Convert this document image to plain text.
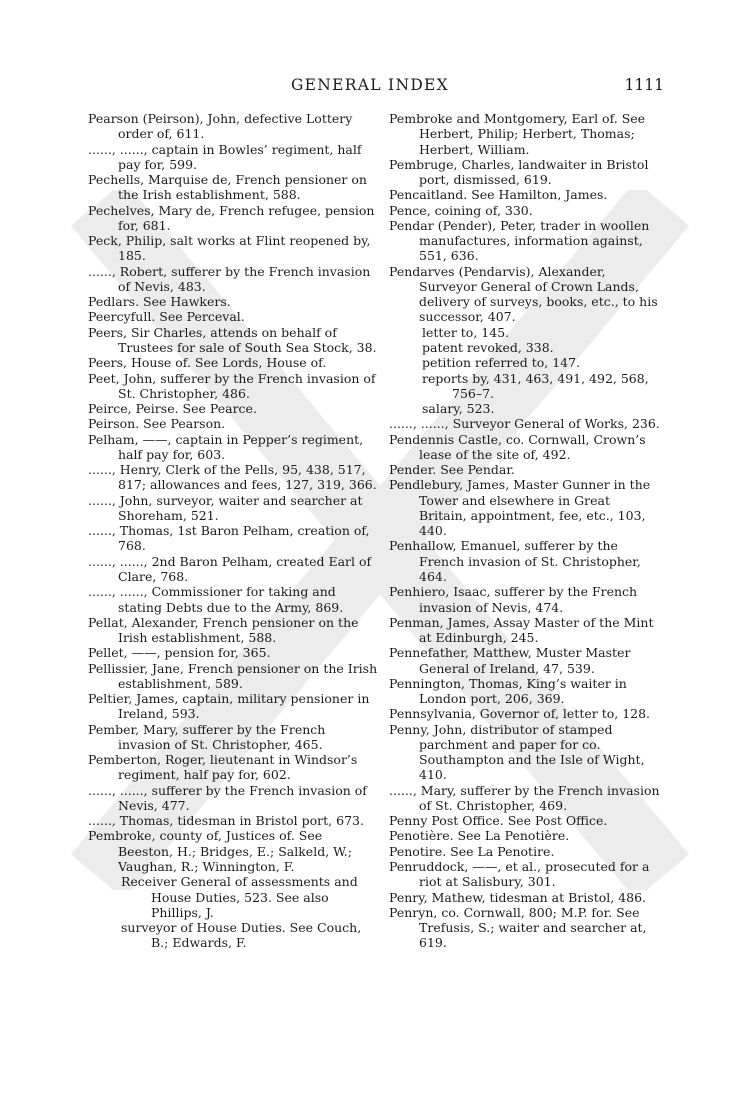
GENERAL INDEX	1111

Pearson (Peirson), John, defective Lottery order of, 611.

......, ......, captain in Bowles’ regiment, half pay for, 599.

Pechells, Marquise de, French pensioner on the Irish establishment, 588.

Pechelves, Mary de, French refugee, pension for, 681.

Peck, Philip, salt works at Flint reopened by, 185.

......, Robert, sufferer by the French invasion of Nevis, 483.

Pedlars. See Hawkers.

Peercyfull. See Perceval.

Peers, Sir Charles, attends on behalf of Trustees for sale of South Sea Stock, 38.

Peers, House of. See Lords, House of.

Peet, John, sufferer by the French invasion of St. Christopher, 486.

Peirce, Peirse. See Pearce.

Peirson. See Pearson.

Pelham, ——, captain in Pepper’s regiment, half pay for, 603.

......, Henry, Clerk of the Pells, 95, 438, 517, 817; allowances and fees, 127, 319, 366.

......, John, surveyor, waiter and searcher at Shoreham, 521.

......, Thomas, 1st Baron Pelham, creation of, 768.

......, ......, 2nd Baron Pelham, created Earl of Clare, 768.

......, ......, Commissioner for taking and stating Debts due to the Army, 869.

Pellat, Alexander, French pensioner on the Irish establishment, 588.

Pellet, ——, pension for, 365.

Pellissier, Jane, French pensioner on the Irish establishment, 589.

Peltier, James, captain, military pensioner in Ireland, 593.

Pember, Mary, sufferer by the French invasion of St. Christopher, 465.

Pemberton, Roger, lieutenant in Windsor’s regiment, half pay for, 602.

......, ......, sufferer by the French invasion of Nevis, 477.

......, Thomas, tidesman in Bristol port, 673.

Pembroke, county of, Justices of. See Beeston, H.; Bridges, E.; Salkeld, W.; Vaughan, R.; Winnington, F.

Receiver General of assessments and House Duties, 523. See also Phillips, J.

surveyor of House Duties. See Couch, B.; Edwards, F.

Pembroke and Montgomery, Earl of. See Herbert, Philip; Herbert, Thomas; Herbert, William.

Pembruge, Charles, landwaiter in Bristol port, dismissed, 619.

Pencaitland. See Hamilton, James.

Pence, coining of, 330.

Pendar (Pender), Peter, trader in woollen manufactures, information against, 551, 636.

Pendarves (Pendarvis), Alexander, Surveyor General of Crown Lands, delivery of surveys, books, etc., to his successor, 407.

letter to, 145.

patent revoked, 338.

petition referred to, 147.

reports by, 431, 463, 491, 492, 568, 756–7.

salary, 523.

......, ......, Surveyor General of Works, 236.

Pendennis Castle, co. Cornwall, Crown’s lease of the site of, 492.

Pender. See Pendar.

Pendlebury, James, Master Gunner in the Tower and elsewhere in Great Britain, appointment, fee, etc., 103, 440.

Penhallow, Emanuel, sufferer by the French invasion of St. Christopher, 464.

Penhiero, Isaac, sufferer by the French invasion of Nevis, 474.

Penman, James, Assay Master of the Mint at Edinburgh, 245.

Pennefather, Matthew, Muster Master General of Ireland, 47, 539.

Pennington, Thomas, King’s waiter in London port, 206, 369.

Pennsylvania, Governor of, letter to, 128.

Penny, John, distributor of stamped parchment and paper for co. Southampton and the Isle of Wight, 410.

......, Mary, sufferer by the French invasion of St. Christopher, 469.

Penny Post Office. See Post Office.

Penotière. See La Penotière.

Penotire. See La Penotire.

Penruddock, ——, et al., prosecuted for a riot at Salisbury, 301.

Penry, Mathew, tidesman at Bristol, 486.

Penryn, co. Cornwall, 800; M.P. for. See Trefusis, S.; waiter and searcher at, 619.
